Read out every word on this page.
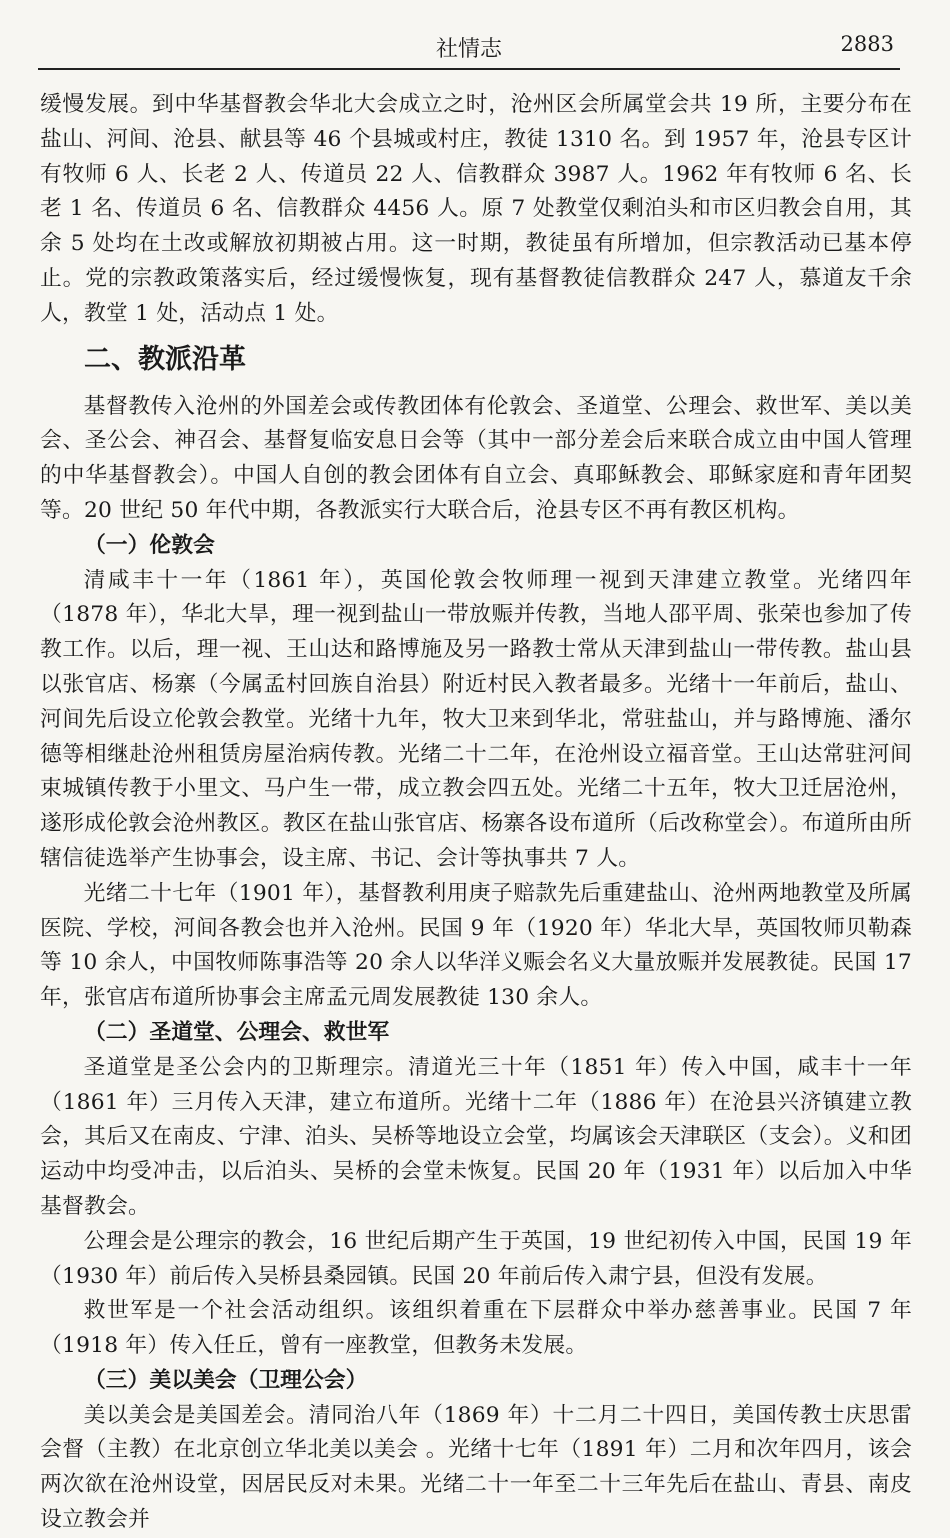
社情志	2883

缓慢发展。到中华基督教会华北大会成立之时，沧州区会所属堂会共 19 所，主要分布在盐山、河间、沧县、献县等 46 个县城或村庄，教徒 1310 名。到 1957 年，沧县专区计有牧师 6 人、长老 2 人、传道员 22 人、信教群众 3987 人。1962 年有牧师 6 名、长老 1 名、传道员 6 名、信教群众 4456 人。原 7 处教堂仅剩泊头和市区归教会自用，其余 5 处均在土改或解放初期被占用。这一时期，教徒虽有所增加，但宗教活动已基本停止。党的宗教政策落实后，经过缓慢恢复，现有基督教徒信教群众 247 人，慕道友千余人，教堂 1 处，活动点 1 处。

二、教派沿革

基督教传入沧州的外国差会或传教团体有伦敦会、圣道堂、公理会、救世军、美以美会、圣公会、神召会、基督复临安息日会等（其中一部分差会后来联合成立由中国人管理的中华基督教会）。中国人自创的教会团体有自立会、真耶稣教会、耶稣家庭和青年团契等。20 世纪 50 年代中期，各教派实行大联合后，沧县专区不再有教区机构。

（一）伦敦会

清咸丰十一年（1861 年），英国伦敦会牧师理一视到天津建立教堂。光绪四年（1878 年），华北大旱，理一视到盐山一带放赈并传教，当地人邵平周、张荣也参加了传教工作。以后，理一视、王山达和路博施及另一路教士常从天津到盐山一带传教。盐山县以张官店、杨寨（今属孟村回族自治县）附近村民入教者最多。光绪十一年前后，盐山、河间先后设立伦敦会教堂。光绪十九年，牧大卫来到华北，常驻盐山，并与路博施、潘尔德等相继赴沧州租赁房屋治病传教。光绪二十二年，在沧州设立福音堂。王山达常驻河间束城镇传教于小里文、马户生一带，成立教会四五处。光绪二十五年，牧大卫迁居沧州，遂形成伦敦会沧州教区。教区在盐山张官店、杨寨各设布道所（后改称堂会）。布道所由所辖信徒选举产生协事会，设主席、书记、会计等执事共 7 人。

光绪二十七年（1901 年），基督教利用庚子赔款先后重建盐山、沧州两地教堂及所属医院、学校，河间各教会也并入沧州。民国 9 年（1920 年）华北大旱，英国牧师贝勒森等 10 余人，中国牧师陈事浩等 20 余人以华洋义赈会名义大量放赈并发展教徒。民国 17 年，张官店布道所协事会主席孟元周发展教徒 130 余人。

（二）圣道堂、公理会、救世军

圣道堂是圣公会内的卫斯理宗。清道光三十年（1851 年）传入中国，咸丰十一年（1861 年）三月传入天津，建立布道所。光绪十二年（1886 年）在沧县兴济镇建立教会，其后又在南皮、宁津、泊头、吴桥等地设立会堂，均属该会天津联区（支会）。义和团运动中均受冲击，以后泊头、吴桥的会堂未恢复。民国 20 年（1931 年）以后加入中华基督教会。

公理会是公理宗的教会，16 世纪后期产生于英国，19 世纪初传入中国，民国 19 年（1930 年）前后传入吴桥县桑园镇。民国 20 年前后传入肃宁县，但没有发展。

救世军是一个社会活动组织。该组织着重在下层群众中举办慈善事业。民国 7 年（1918 年）传入任丘，曾有一座教堂，但教务未发展。

（三）美以美会（卫理公会）

美以美会是美国差会。清同治八年（1869 年）十二月二十四日，美国传教士庆思雷会督（主教）在北京创立华北美以美会 。光绪十七年（1891 年）二月和次年四月，该会两次欲在沧州设堂，因居民反对未果。光绪二十一年至二十三年先后在盐山、青县、南皮设立教会并
